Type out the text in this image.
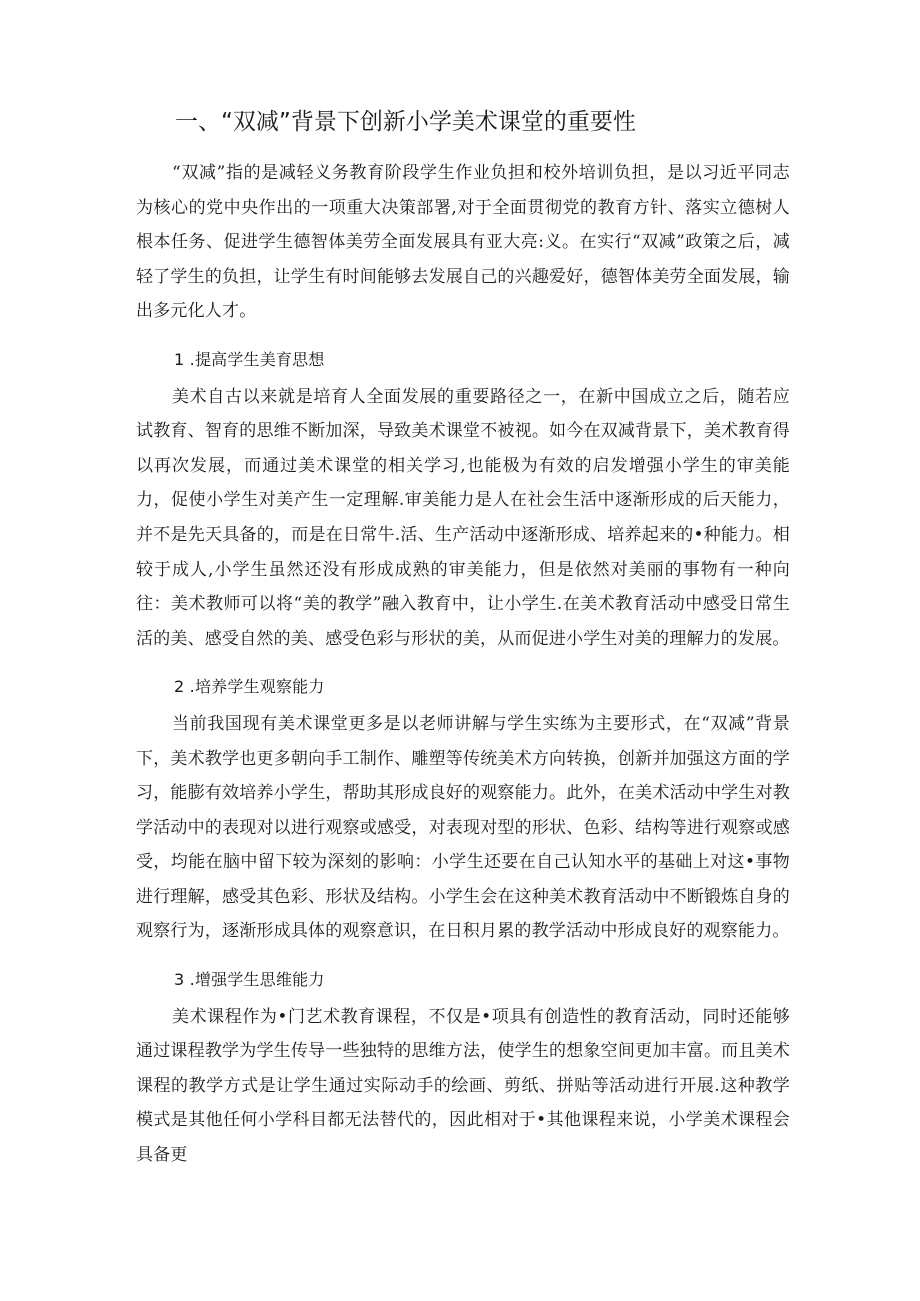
一、“双减”背景下创新小学美术课堂的重要性

“双减”指的是减轻义务教育阶段学生作业负担和校外培训负担，是以习近平同志为核心的党中央作出的一项重大决策部署,对于全面贯彻党的教育方针、落实立德树人根本任务、促进学生德智体美劳全面发展具有亚大亮:义。在实行“双减”政策之后，减轻了学生的负担，让学生有时间能够去发展自己的兴趣爱好，德智体美劳全面发展，输出多元化人才。

1 .提高学生美育思想

美术自古以来就是培育人全面发展的重要路径之一，在新中国成立之后，随若应试教育、智育的思维不断加深，导致美术课堂不被视。如今在双减背景下，美术教育得以再次发展，而通过美术课堂的相关学习,也能极为有效的启发增强小学生的审美能力，促使小学生对美产生一定理解.审美能力是人在社会生活中逐渐形成的后天能力，并不是先天具备的，而是在日常牛.活、生产活动中逐渐形成、培养起来的•种能力。相较于成人,小学生虽然还没有形成成熟的审美能力，但是依然对美丽的事物有一种向往：美术教师可以将“美的教学”融入教育中，让小学生.在美术教育活动中感受日常生活的美、感受自然的美、感受色彩与形状的美，从而促进小学生对美的理解力的发展。

2 .培养学生观察能力

当前我国现有美术课堂更多是以老师讲解与学生实练为主要形式，在“双减”背景下，美术教学也更多朝向手工制作、雕塑等传统美术方向转换，创新并加强这方面的学习，能膨有效培养小学生，帮助其形成良好的观察能力。此外，在美术活动中学生对教学活动中的表现对以进行观察或感受，对表现对型的形状、色彩、结构等进行观察或感受，均能在脑中留下较为深刻的影响：小学生还要在自己认知水平的基础上对这•事物进行理解，感受其色彩、形状及结构。小学生会在这种美术教育活动中不断锻炼自身的观察行为，逐渐形成具体的观察意识，在日积月累的教学活动中形成良好的观察能力。

3 .增强学生思维能力

美术课程作为•门艺术教育课程，不仅是•项具有创造性的教育活动，同时还能够通过课程教学为学生传导一些独特的思维方法，使学生的想象空间更加丰富。而且美术课程的教学方式是让学生通过实际动手的绘画、剪纸、拼贴等活动进行开展.这种教学模式是其他任何小学科目都无法替代的，因此相对于•其他课程来说，小学美术课程会具备更
